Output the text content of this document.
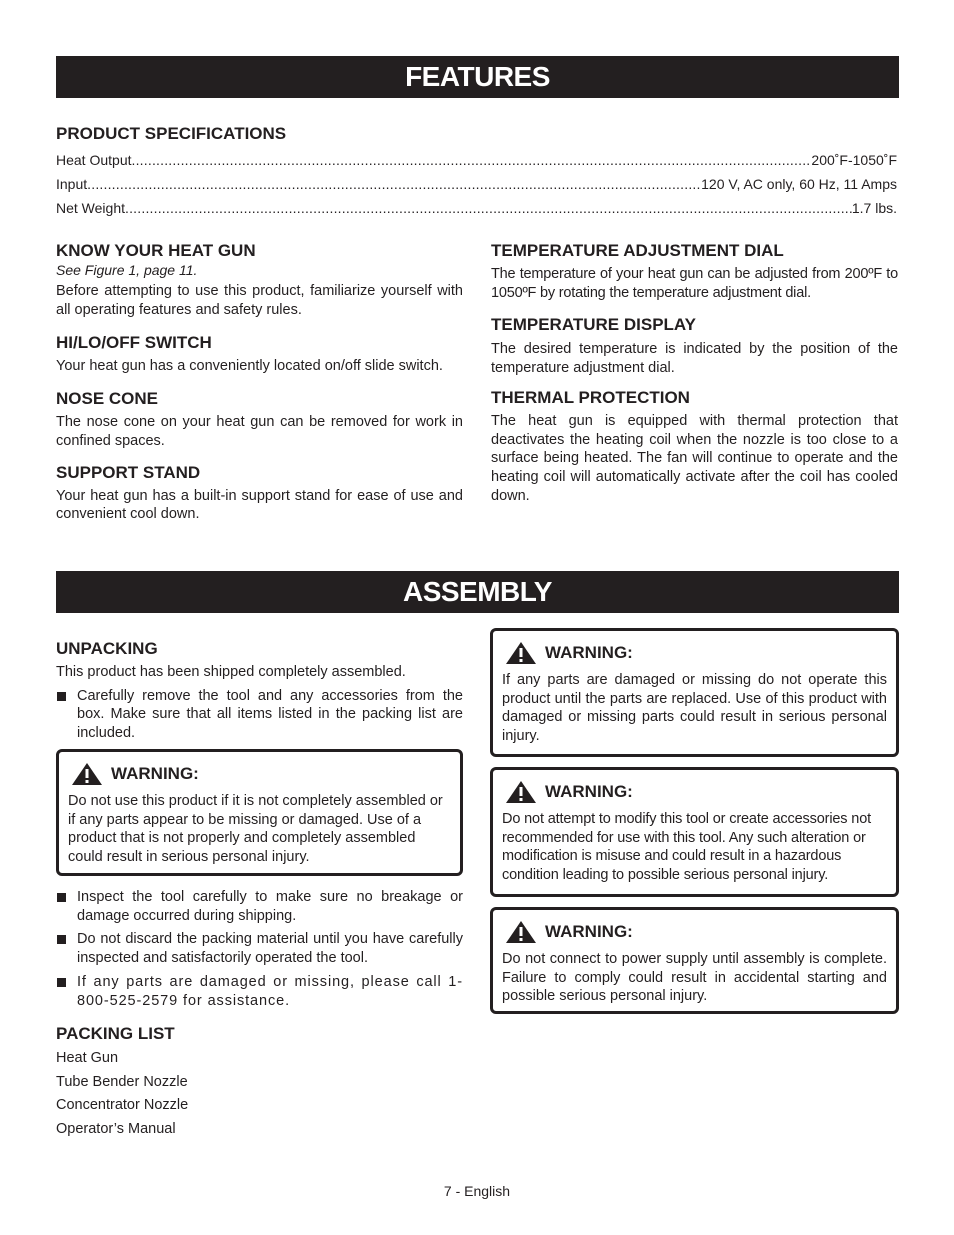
FEATURES
PRODUCT SPECIFICATIONS
Heat Output .....	200˚F-1050˚F
Input .....	120 V, AC only, 60 Hz, 11 Amps
Net Weight .....	1.7 lbs.
KNOW YOUR HEAT GUN
See Figure 1, page 11.

Before attempting to use this product, familiarize yourself with all operating features and safety rules.

HI/LO/OFF SWITCH

Your heat gun has a conveniently located on/off slide switch.

NOSE CONE

The nose cone on your heat gun can be removed for work in confined spaces.

SUPPORT STAND

Your heat gun has a built-in support stand for ease of use and convenient cool down.

TEMPERATURE ADJUSTMENT DIAL

The temperature of your heat gun can be adjusted from 200ºF to 1050ºF by rotating the temperature adjustment dial.

TEMPERATURE DISPLAY

The desired temperature is indicated by the position of the temperature adjustment dial.

THERMAL PROTECTION

The heat gun is equipped with thermal protection that deactivates the heating coil when the nozzle is too close to a surface being heated. The fan will continue to operate and the heating coil will automatically activate after the coil has cooled down.

ASSEMBLY
UNPACKING

This product has been shipped completely assembled.

Carefully remove the tool and any accessories from the box. Make sure that all items listed in the packing list are included.
WARNING:

Do not use this product if it is not completely assembled or if any parts appear to be missing or damaged. Use of a product that is not properly and completely assembled could result in serious personal injury.

Inspect the tool carefully to make sure no breakage or damage occurred during shipping.
Do not discard the packing material until you have carefully inspected and satisfactorily operated the tool.
If any parts are damaged or missing, please call 1-800-525-2579 for assistance.
PACKING LIST
Heat Gun
Tube Bender Nozzle
Concentrator Nozzle
Operator’s Manual
WARNING:

If any parts are damaged or missing do not operate this product until the parts are replaced. Use of this product with damaged or missing parts could result in serious personal injury.

WARNING:

Do not attempt to modify this tool or create accessories not recommended for use with this tool. Any such alteration or modification is misuse and could result in a hazardous condition leading to possible serious personal injury.

WARNING:

Do not connect to power supply until assembly is complete. Failure to comply could result in accidental starting and possible serious personal injury.

7 - English
